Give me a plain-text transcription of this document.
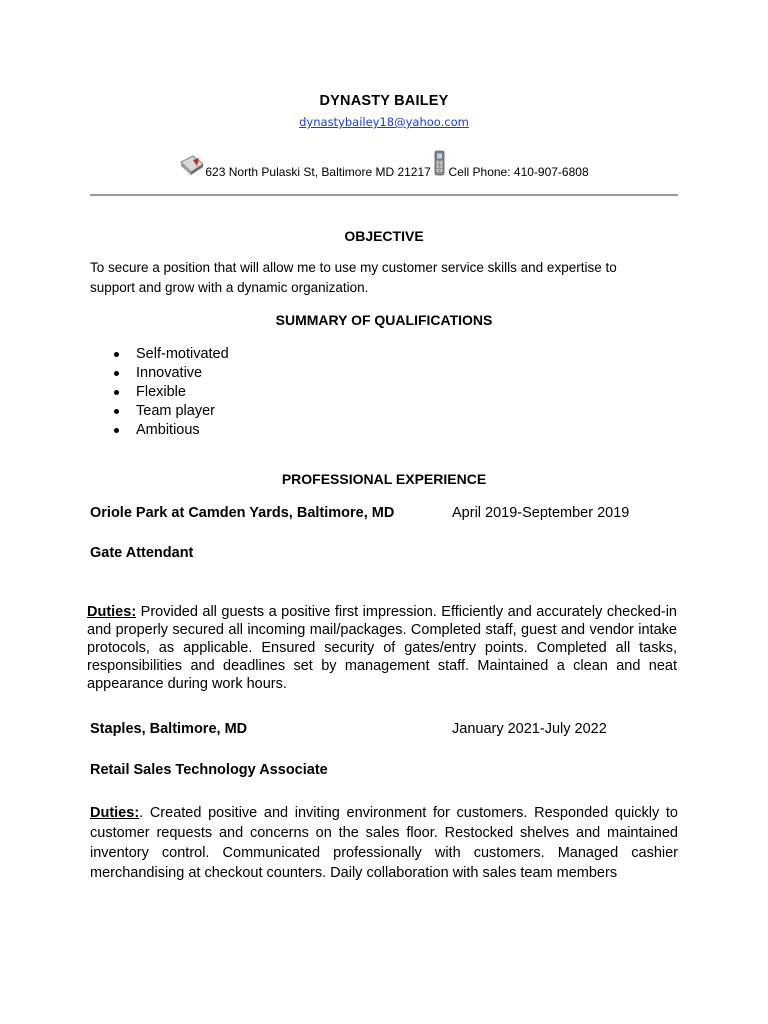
DYNASTY BAILEY
dynastybailey18@yahoo.com
623 North Pulaski St, Baltimore MD 21217 Cell Phone: 410-907-6808
OBJECTIVE
To secure a position that will allow me to use my customer service skills and expertise to
support and grow with a dynamic organization.
SUMMARY OF QUALIFICATIONS
Self-motivated
Innovative
Flexible
Team player
Ambitious
PROFESSIONAL EXPERIENCE
Oriole Park at Camden Yards, Baltimore, MD	April 2019-September 2019
Gate Attendant
Duties: Provided all guests a positive first impression. Efficiently and accurately checked-in and properly secured all incoming mail/packages. Completed staff, guest and vendor intake protocols, as applicable. Ensured security of gates/entry points. Completed all tasks, responsibilities and deadlines set by management staff. Maintained a clean and neat appearance during work hours.
Staples, Baltimore, MD	January 2021-July 2022
Retail Sales Technology Associate
Duties:. Created positive and inviting environment for customers. Responded quickly to customer requests and concerns on the sales floor. Restocked shelves and maintained inventory control. Communicated professionally with customers. Managed cashier merchandising at checkout counters. Daily collaboration with sales team members
